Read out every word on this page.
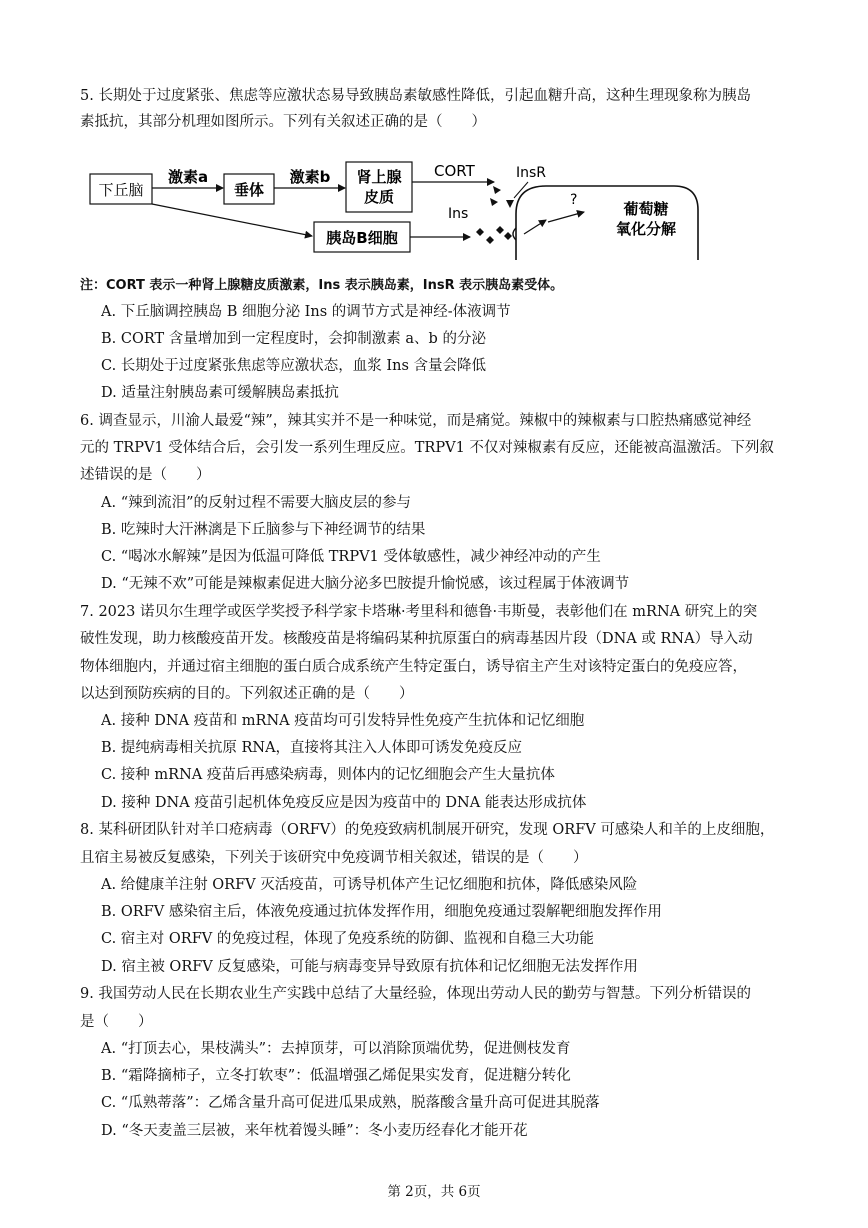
5. 长期处于过度紧张、焦虑等应激状态易导致胰岛素敏感性降低，引起血糖升高，这种生理现象称为胰岛
素抵抗，其部分机理如图所示。下列有关叙述正确的是（　　）
下丘脑
激素a
垂体
激素b 肾上腺
皮质
CORT	InsR
胰岛B细胞
Ins
?	葡萄糖
氧化分解
注：CORT 表示一种肾上腺糖皮质激素，Ins 表示胰岛素，InsR 表示胰岛素受体。
A. 下丘脑调控胰岛 B 细胞分泌 Ins 的调节方式是神经-体液调节
B. CORT 含量增加到一定程度时，会抑制激素 a、b 的分泌
C. 长期处于过度紧张焦虑等应激状态，血浆 Ins 含量会降低
D. 适量注射胰岛素可缓解胰岛素抵抗
6. 调查显示，川渝人最爱“辣”，辣其实并不是一种味觉，而是痛觉。辣椒中的辣椒素与口腔热痛感觉神经
元的 TRPV1 受体结合后，会引发一系列生理反应。TRPV1 不仅对辣椒素有反应，还能被高温激活。下列叙
述错误的是（　　）
A. “辣到流泪”的反射过程不需要大脑皮层的参与
B. 吃辣时大汗淋漓是下丘脑参与下神经调节的结果
C. “喝冰水解辣”是因为低温可降低 TRPV1 受体敏感性，减少神经冲动的产生
D. “无辣不欢”可能是辣椒素促进大脑分泌多巴胺提升愉悦感，该过程属于体液调节
7. 2023 诺贝尔生理学或医学奖授予科学家卡塔琳·考里科和德鲁·韦斯曼，表彰他们在 mRNA 研究上的突
破性发现，助力核酸疫苗开发。核酸疫苗是将编码某种抗原蛋白的病毒基因片段（DNA 或 RNA）导入动
物体细胞内，并通过宿主细胞的蛋白质合成系统产生特定蛋白，诱导宿主产生对该特定蛋白的免疫应答，
以达到预防疾病的目的。下列叙述正确的是（　　）
A. 接种 DNA 疫苗和 mRNA 疫苗均可引发特异性免疫产生抗体和记忆细胞
B. 提纯病毒相关抗原 RNA，直接将其注入人体即可诱发免疫反应
C. 接种 mRNA 疫苗后再感染病毒，则体内的记忆细胞会产生大量抗体
D. 接种 DNA 疫苗引起机体免疫反应是因为疫苗中的 DNA 能表达形成抗体
8. 某科研团队针对羊口疮病毒（ORFV）的免疫致病机制展开研究，发现 ORFV 可感染人和羊的上皮细胞，
且宿主易被反复感染，下列关于该研究中免疫调节相关叙述，错误的是（　　）
A. 给健康羊注射 ORFV 灭活疫苗，可诱导机体产生记忆细胞和抗体，降低感染风险
B. ORFV 感染宿主后，体液免疫通过抗体发挥作用，细胞免疫通过裂解靶细胞发挥作用
C. 宿主对 ORFV 的免疫过程，体现了免疫系统的防御、监视和自稳三大功能
D. 宿主被 ORFV 反复感染，可能与病毒变异导致原有抗体和记忆细胞无法发挥作用
9. 我国劳动人民在长期农业生产实践中总结了大量经验，体现出劳动人民的勤劳与智慧。下列分析错误的
是（　　）
A. “打顶去心，果枝满头”：去掉顶芽，可以消除顶端优势，促进侧枝发育
B. “霜降摘柿子，立冬打软枣”：低温增强乙烯促果实发育，促进糖分转化
C. “瓜熟蒂落”：乙烯含量升高可促进瓜果成熟，脱落酸含量升高可促进其脱落
D. “冬天麦盖三层被，来年枕着馒头睡”：冬小麦历经春化才能开花
第 2页，共 6页
